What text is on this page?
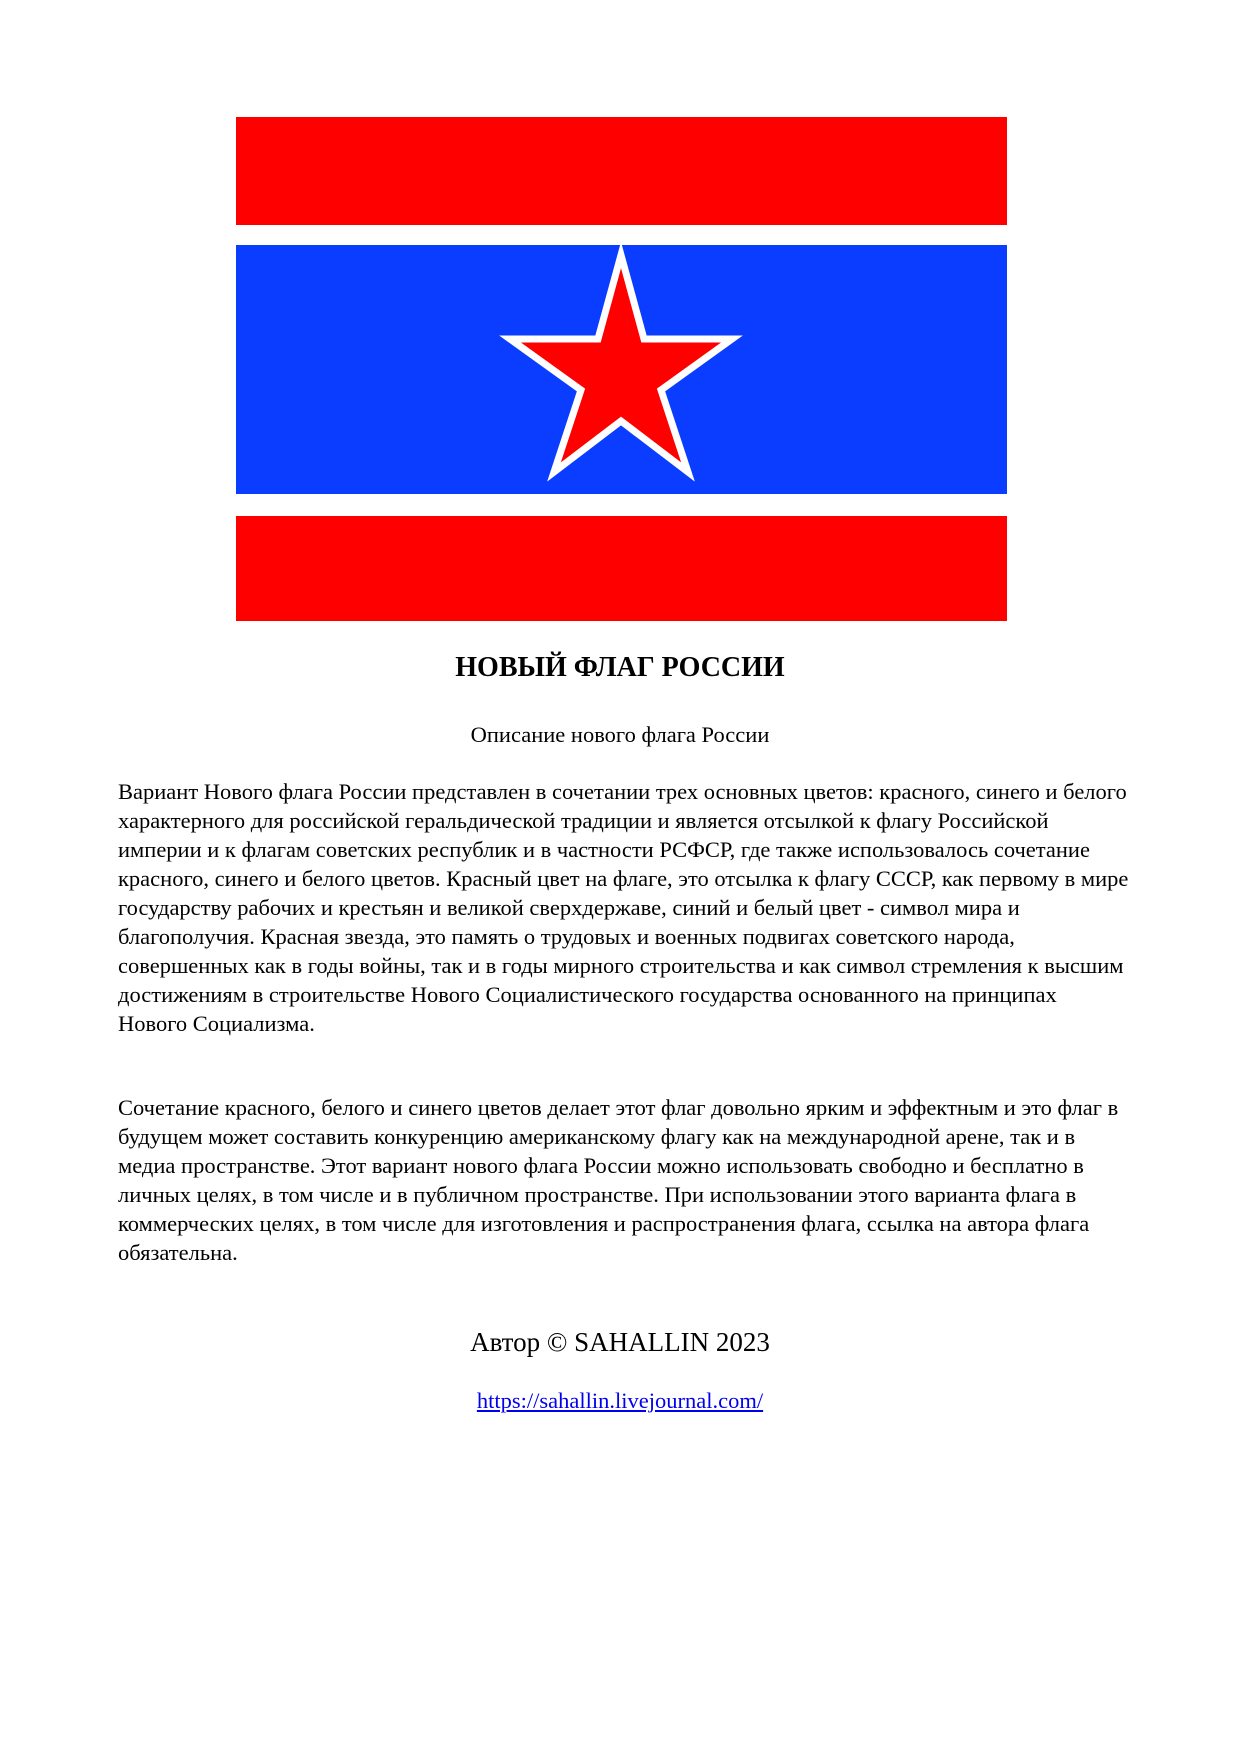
НОВЫЙ ФЛАГ РОССИИ

Описание нового флага России

Вариант Нового флага России представлен в сочетании трех основных цветов: красного, синего и белого характерного для российской геральдической традиции и является отсылкой к флагу Российской империи и к флагам советских республик и в частности РСФСР, где также использовалось сочетание красного, синего и белого цветов. Красный цвет на флаге, это отсылка к флагу СССР, как первому в мире государству рабочих и крестьян и великой сверхдержаве, синий и белый цвет - символ мира и благополучия. Красная звезда, это память о трудовых и военных подвигах советского народа, совершенных как в годы войны, так и в годы мирного строительства и как символ стремления к высшим достижениям в строительстве Нового Социалистического государства основанного на принципах Нового Социализма.

Сочетание красного, белого и синего цветов делает этот флаг довольно ярким и эффектным и это флаг в будущем может составить конкуренцию американскому флагу как на международной арене, так и в медиа пространстве. Этот вариант нового флага России можно использовать свободно и бесплатно в личных целях, в том числе и в публичном пространстве. При использовании этого варианта флага в коммерческих целях, в том числе для изготовления и распространения флага, ссылка на автора флага обязательна.

Автор © SAHALLIN 2023

https://sahallin.livejournal.com/
